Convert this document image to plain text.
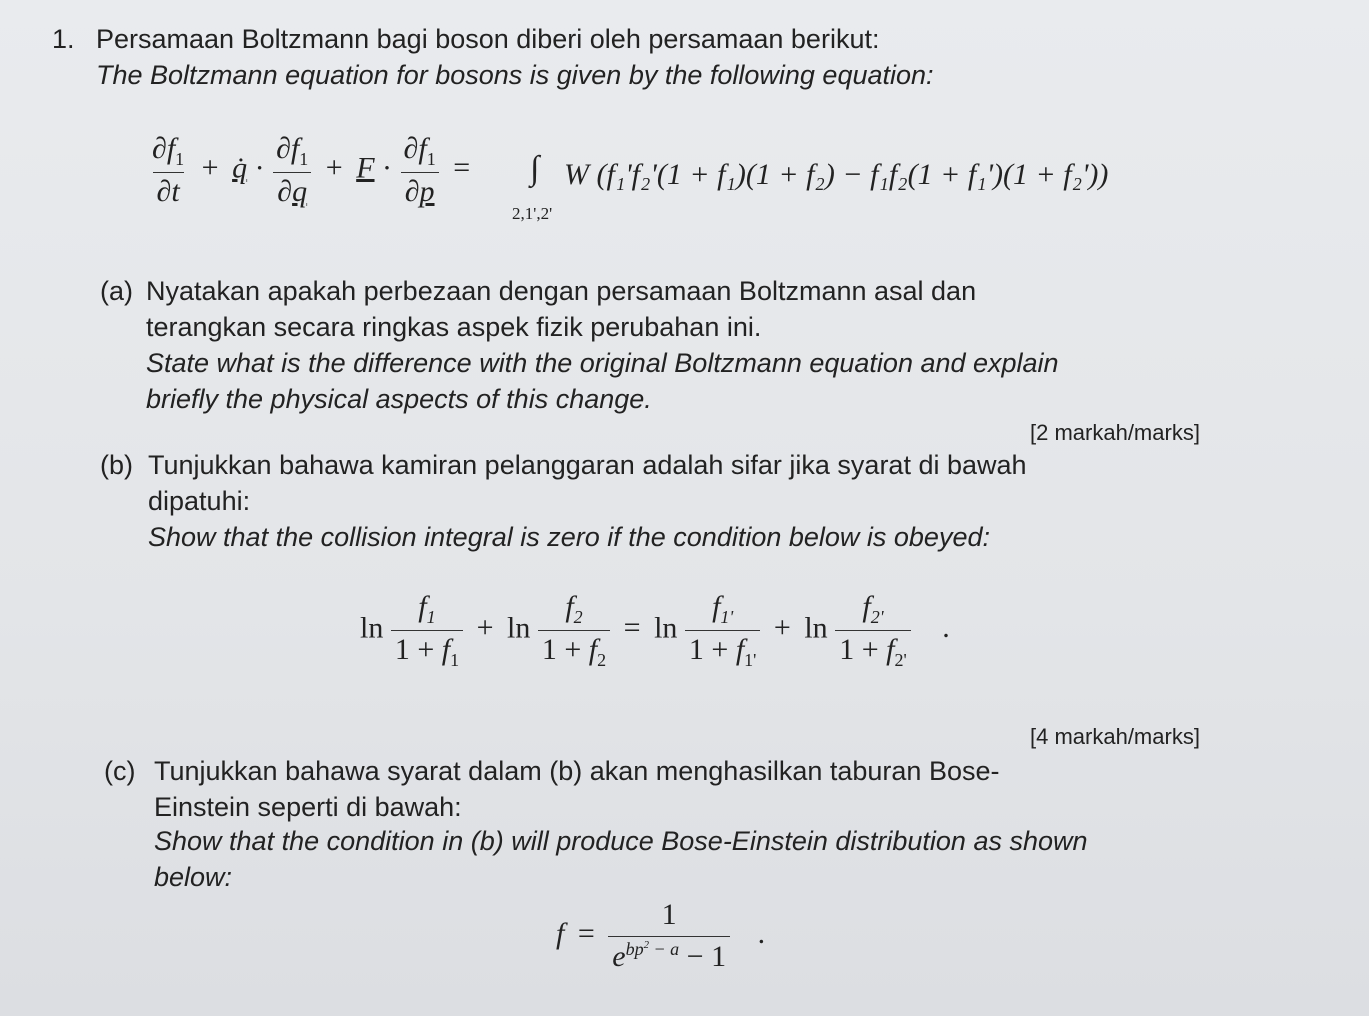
1. Persamaan Boltzmann bagi boson diberi oleh persamaan berikut:
The Boltzmann equation for bosons is given by the following equation:
$\frac{\partial f_1}{\partial t}$ + q̇ · $\frac{\partial f_1}{\partial q} + F \cdot \frac{\partial f_1}{\partial p}$ = ∫
2,1',2'
W (f₁'f₂'(1 + f₁)(1 + f₂) − f₁f₂(1 + f₁')(1 + f₂'))
(a) Nyatakan apakah perbezaan dengan persamaan Boltzmann asal dan
terangkan secara ringkas aspek fizik perubahan ini.
State what is the difference with the original Boltzmann equation and explain
briefly the physical aspects of this change.
[2 markah/marks]
(b) Tunjukkan bahawa kamiran pelanggaran adalah sifar jika syarat di bawah
dipatuhi:
Show that the collision integral is zero if the condition below is obeyed:
$\ln \frac{f_1}{1 + f_1} + \ln \frac{f_2}{1 + f_2} = \ln \frac{f_{1'}}{1 + f_{1'}} + \ln \frac{f_{2'}}{1 + f_{2'}}$ .
[4 markah/marks]
(c) Tunjukkan bahawa syarat dalam (b) akan menghasilkan taburan Bose-
Einstein seperti di bawah:
Show that the condition in (b) will produce Bose-Einstein distribution as shown
below:
$f = \frac{1}{e^{bp^2 - a} - 1}$ .
